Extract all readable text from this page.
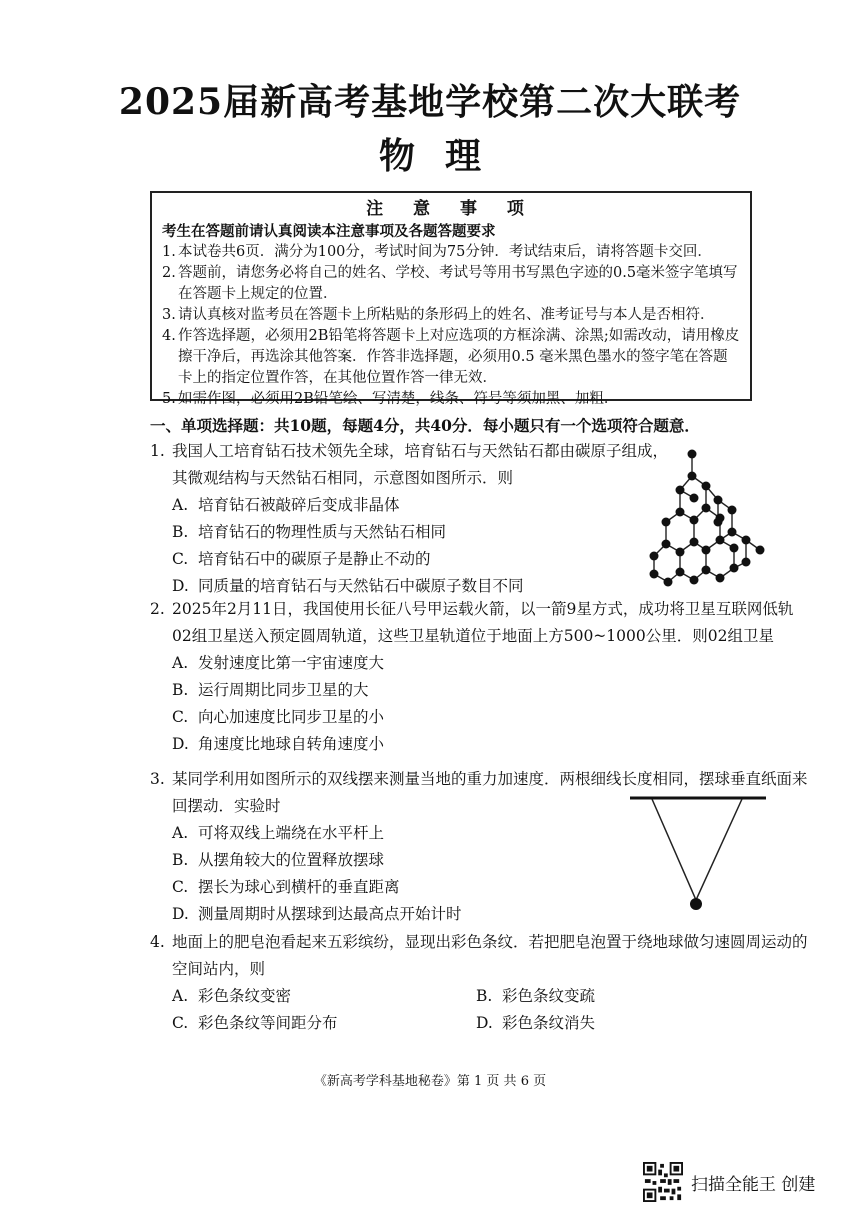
2025届新高考基地学校第二次大联考
物理
注 意 事 项
考生在答题前请认真阅读本注意事项及各题答题要求
1. 本试卷共6页．满分为100分，考试时间为75分钟．考试结束后，请将答题卡交回．
2. 答题前，请您务必将自己的姓名、学校、考试号等用书写黑色字迹的0.5毫米签字笔填写在答题卡上规定的位置．
3. 请认真核对监考员在答题卡上所粘贴的条形码上的姓名、准考证号与本人是否相符．
4. 作答选择题，必须用2B铅笔将答题卡上对应选项的方框涂满、涂黑;如需改动，请用橡皮擦干净后，再选涂其他答案．作答非选择题，必须用0.5 毫米黑色墨水的签字笔在答题卡上的指定位置作答，在其他位置作答一律无效．
5. 如需作图，必须用2B铅笔绘、写清楚，线条、符号等须加黑、加粗．
一、单项选择题：共10题，每题4分，共40分．每小题只有一个选项符合题意．
1. 我国人工培育钻石技术领先全球，培育钻石与天然钻石都由碳原子组成，
其微观结构与天然钻石相同，示意图如图所示．则
A. 培育钻石被敲碎后变成非晶体
B. 培育钻石的物理性质与天然钻石相同
C. 培育钻石中的碳原子是静止不动的
D. 同质量的培育钻石与天然钻石中碳原子数目不同
2. 2025年2月11日，我国使用长征八号甲运载火箭，以一箭9星方式，成功将卫星互联网低轨
02组卫星送入预定圆周轨道，这些卫星轨道位于地面上方500~1000公里．则02组卫星
A. 发射速度比第一宇宙速度大
B. 运行周期比同步卫星的大
C. 向心加速度比同步卫星的小
D. 角速度比地球自转角速度小
3. 某同学利用如图所示的双线摆来测量当地的重力加速度．两根细线长度相同，摆球垂直纸面来
回摆动．实验时
A. 可将双线上端绕在水平杆上
B. 从摆角较大的位置释放摆球
C. 摆长为球心到横杆的垂直距离
D. 测量周期时从摆球到达最高点开始计时
4. 地面上的肥皂泡看起来五彩缤纷，显现出彩色条纹．若把肥皂泡置于绕地球做匀速圆周运动的
空间站内，则
A. 彩色条纹变密	B. 彩色条纹变疏
C. 彩色条纹等间距分布	D. 彩色条纹消失
《新高考学科基地秘卷》第 1 页 共 6 页
扫描全能王 创建
